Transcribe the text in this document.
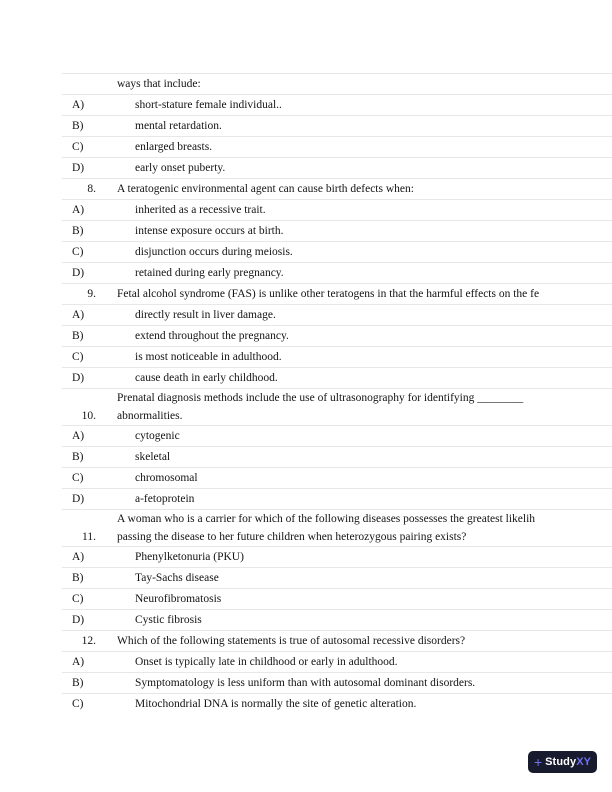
ways that include:
A)	short-stature female individual..
B)	mental retardation.
C)	enlarged breasts.
D)	early onset puberty.
8. A teratogenic environmental agent can cause birth defects when:
A)	inherited as a recessive trait.
B)	intense exposure occurs at birth.
C)	disjunction occurs during meiosis.
D)	retained during early pregnancy.
9. Fetal alcohol syndrome (FAS) is unlike other teratogens in that the harmful effects on the fe
A)	directly result in liver damage.
B)	extend throughout the pregnancy.
C)	is most noticeable in adulthood.
D)	cause death in early childhood.
10.
Prenatal diagnosis methods include the use of ultrasonography for identifying ________
abnormalities.
A)	cytogenic
B)	skeletal
C)	chromosomal
D)	a-fetoprotein
11.
A woman who is a carrier for which of the following diseases possesses the greatest likelih
passing the disease to her future children when heterozygous pairing exists?
A)	Phenylketonuria (PKU)
B)	Tay-Sachs disease
C)	Neurofibromatosis
D)	Cystic fibrosis
12. Which of the following statements is true of autosomal recessive disorders?
A)	Onset is typically late in childhood or early in adulthood.
B)	Symptomatology is less uniform than with autosomal dominant disorders.
C)	Mitochondrial DNA is normally the site of genetic alteration.
+ StudyXY
